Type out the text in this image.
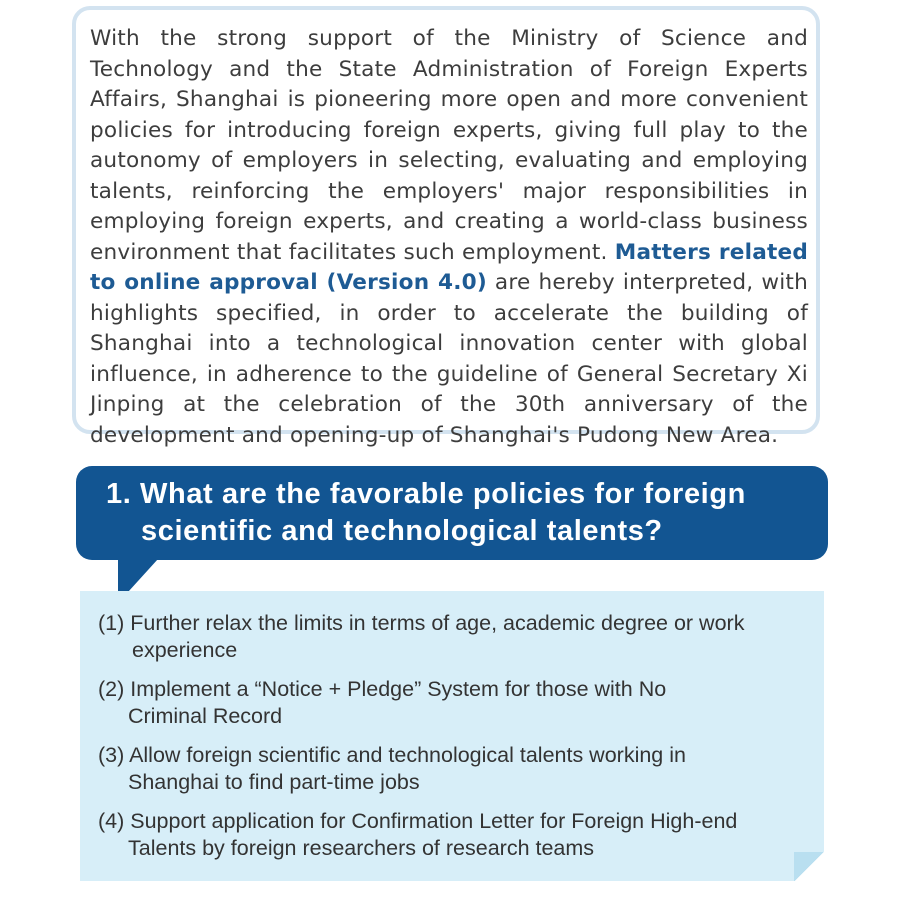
With the strong support of the Ministry of Science and Technology and the State Administration of Foreign Experts Affairs, Shanghai is pioneering more open and more convenient policies for introducing foreign experts, giving full play to the autonomy of employers in selecting, evaluating and employing talents, reinforcing the employers' major responsibilities in employing foreign experts, and creating a world-class business environment that facilitates such employment. Matters related to online approval (Version 4.0) are hereby interpreted, with highlights specified, in order to accelerate the building of Shanghai into a technological innovation center with global influence, in adherence to the guideline of General Secretary Xi Jinping at the celebration of the 30th anniversary of the development and opening-up of Shanghai's Pudong New Area.

1. What are the favorable policies for foreign
scientific and technological talents?
(1) Further relax the limits in terms of age, academic degree or work
experience
(2) Implement a “Notice + Pledge” System for those with No
Criminal Record
(3) Allow foreign scientific and technological talents working in
Shanghai to find part-time jobs
(4) Support application for Confirmation Letter for Foreign High-end
Talents by foreign researchers of research teams
